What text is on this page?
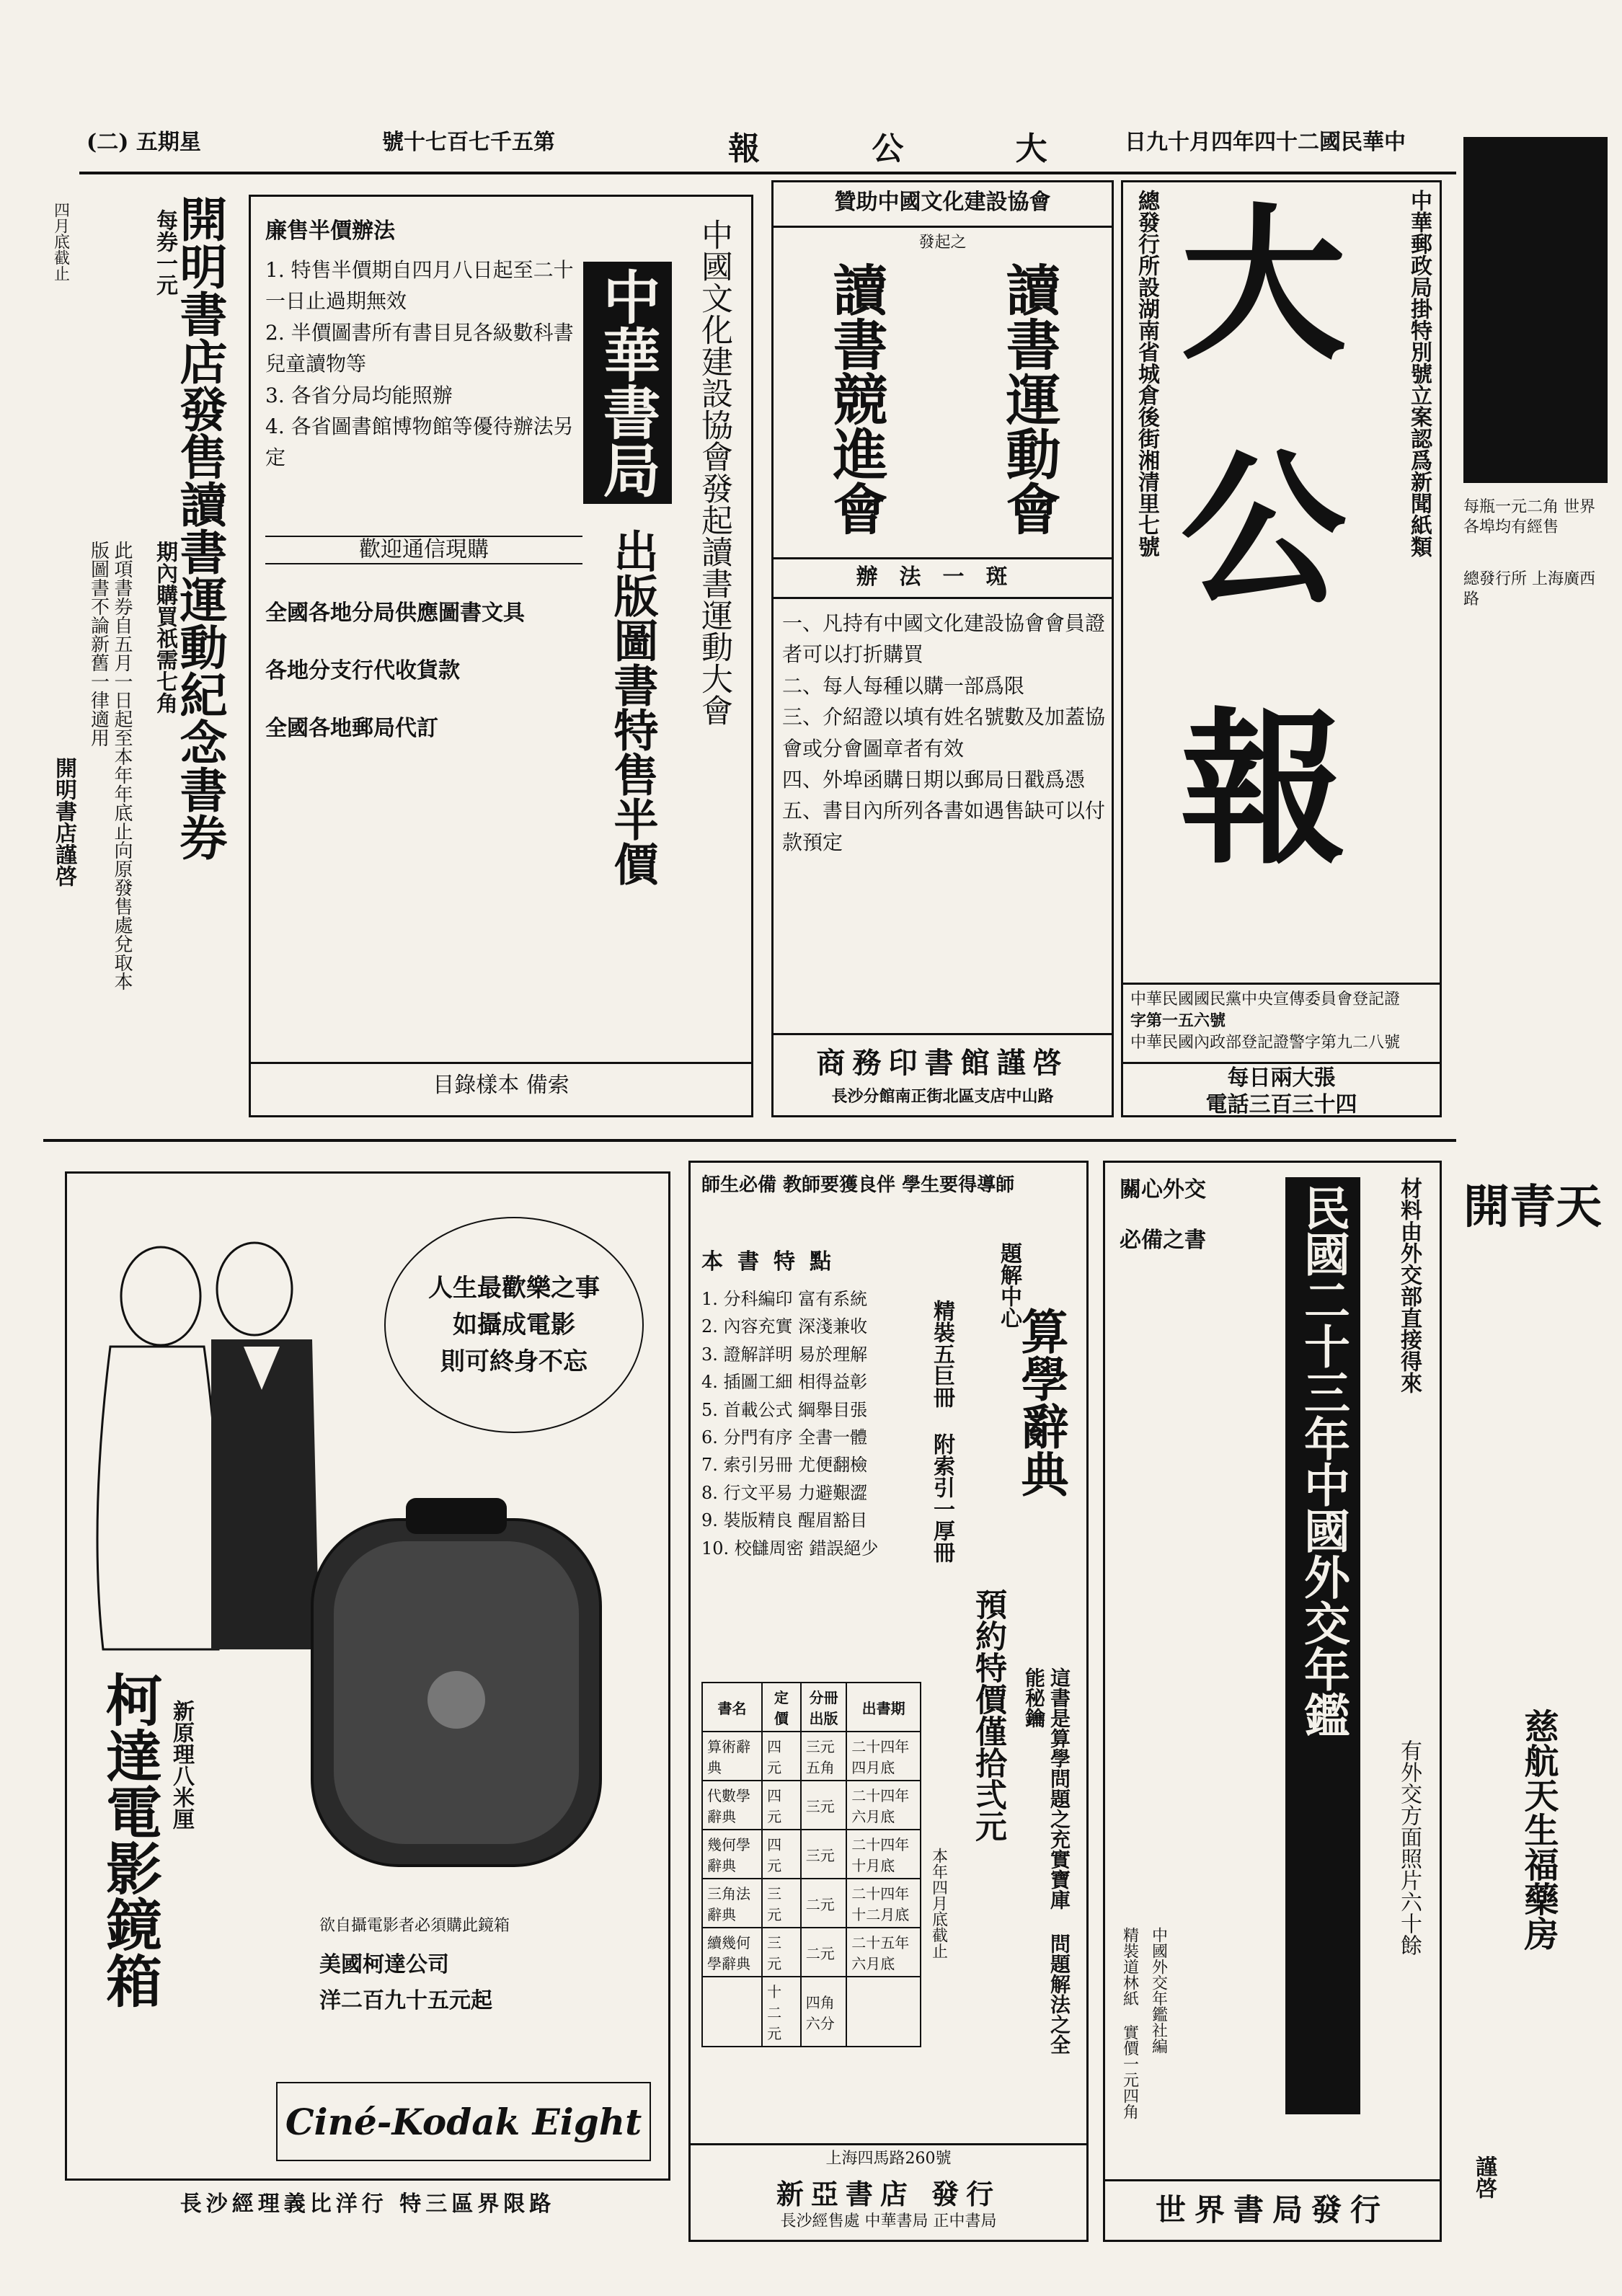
(二) 五期星	號十七百七千五第	報 公 大 日九十月四年四十二國民華中
中華郵政局掛特別號立案認爲新聞紙類
大
公
報
總發行所設湖南省城倉後街湘清里七號
中華民國國民黨中央宣傳委員會登記證
字第一五六號
中華民國內政部登記證警字第九二八號
每日兩大張
電話三百三十四
贊助中國文化建設協會
發起之
讀書運動會
讀書競進會
辦法一斑
一、凡持有中國文化建設協會會員證者可以打折購買
二、每人每種以購一部爲限
三、介紹證以填有姓名號數及加蓋協會或分會圖章者有效
四、外埠函購日期以郵局日戳爲憑
五、書目內所列各書如遇售缺可以付款預定
商務印書館謹啓
長沙分館南正街北區支店中山路
中國文化建設協會發起讀書運動大會
中華書局
出版圖書特售半價
廉售半價辦法
1. 特售半價期自四月八日起至二十一日止過期無效
2. 半價圖書所有書目見各級數科書兒童讀物等
3. 各省分局均能照辦
4. 各省圖書館博物館等優待辦法另定
歡迎通信現購
全國各地分局供應圖書文具
各地分支行代收貨款
全國各地郵局代訂
目錄樣本 備索
開明書店發售讀書運動紀念書券
每券一元
期內購買祇需七角
此項書券自五月一日起至本年年底止向原發售處兌取本版圖書不論新舊一律適用
開明書店謹啓
四月底截止
人生最歡樂之事
如攝成電影
則可終身不忘
柯達電影鏡箱 新原理八米厘
欲自攝電影者必須購此鏡箱
美國柯達公司
洋二百九十五元起
Ciné-Kodak Eight
長沙經理義比洋行 特三區界限路
師生必備 教師要獲良伴 學生要得導師
本書特點
1. 分科編印 富有系統
2. 內容充實 深淺兼收
3. 證解詳明 易於理解
4. 插圖工細 相得益彰
5. 首載公式 綱舉目張
6. 分門有序 全書一體
7. 索引另冊 尤便翻檢
8. 行文平易 力避艱澀
9. 裝版精良 醒眉豁目
10. 校讎周密 錯誤絕少
題解中心
算學辭典
精裝五巨冊 附索引一厚冊
預約特價僅拾弍元
本年四月底截止	這書是算學問題之充實寶庫 問題解法之全能秘鑰
書名	定價	分冊出版	出書期
算術辭典	四元	三元五角	二十四年四月底
代數學辭典	四元	三元	二十四年六月底
幾何學辭典	四元	三元	二十四年十月底
三角法辭典	三元	二元	二十四年十二月底
續幾何學辭典	三元	二元	二十五年六月底
	十二元	四角六分	
上海四馬路260號
新亞書店 發行
長沙經售處 中華書局 正中書局
關心外交
必備之書 民國二十三年中國外交年鑑	材料由外交部直接得來
有外交方面照片六十餘
中國外交年鑑社編
精裝道林紙 實價一元四角
世界書局發行
每瓶一元二角 世界各埠均有經售
總發行所 上海廣西路
開青天
慈航天生福藥房
謹啓
